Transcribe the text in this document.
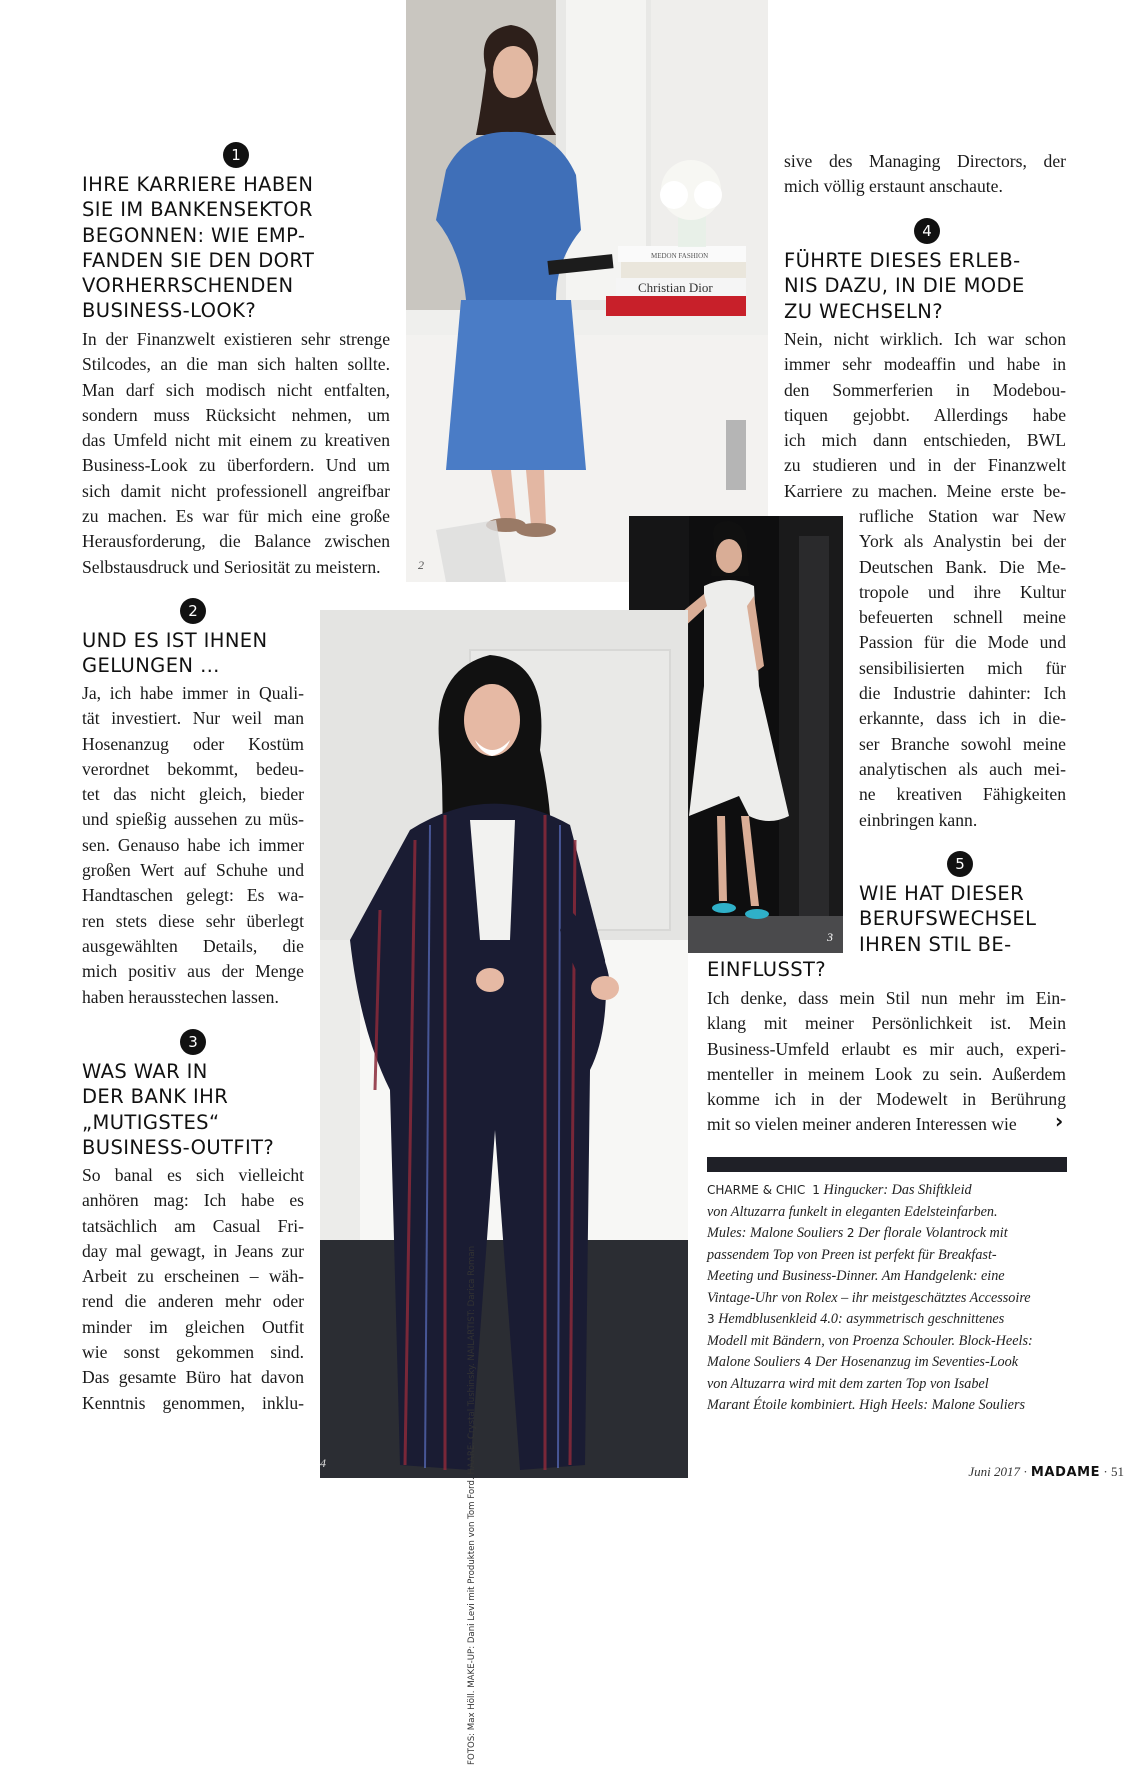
Christian Dior
MEDON FASHION
2
3
4
1
IHRE KARRIERE HABEN
SIE IM BANKENSEKTOR
BEGONNEN: WIE EMP-
FANDEN SIE DEN DORT
VORHERRSCHENDEN
BUSINESS-LOOK?
In der Finanzwelt existieren sehr strenge
Stilcodes, an die man sich halten sollte.
Man darf sich modisch nicht entfalten,
sondern muss Rücksicht nehmen, um
das Umfeld nicht mit einem zu kreativen
Business-Look zu überfordern. Und um
sich damit nicht professionell angreifbar
zu machen. Es war für mich eine große
Herausforderung, die Balance zwischen
Selbstausdruck und Seriosität zu meistern.
2
UND ES IST IHNEN
GELUNGEN …
Ja, ich habe immer in Quali-
tät investiert. Nur weil man
Hosenanzug oder Kostüm
verordnet bekommt, bedeu-
tet das nicht gleich, bieder
und spießig aussehen zu müs-
sen. Genauso habe ich immer
großen Wert auf Schuhe und
Handtaschen gelegt: Es wa-
ren stets diese sehr überlegt
ausgewählten Details, die
mich positiv aus der Menge
haben herausstechen lassen.
3
WAS WAR IN
DER BANK IHR
„MUTIGSTES“
BUSINESS-OUTFIT?
So banal es sich vielleicht
anhören mag: Ich habe es
tatsächlich am Casual Fri-
day mal gewagt, in Jeans zur
Arbeit zu erscheinen – wäh-
rend die anderen mehr oder
minder im gleichen Outfit
wie sonst gekommen sind.
Das gesamte Büro hat davon
Kenntnis genommen, inklu-
sive des Managing Directors, der
mich völlig erstaunt anschaute.
4
FÜHRTE DIESES ERLEB-
NIS DAZU, IN DIE MODE
ZU WECHSELN?
Nein, nicht wirklich. Ich war schon
immer sehr modeaffin und habe in
den Sommerferien in Modebou-
tiquen gejobbt. Allerdings habe
ich mich dann entschieden, BWL
zu studieren und in der Finanzwelt
Karriere zu machen. Meine erste be-
rufliche Station war New
York als Analystin bei der
Deutschen Bank. Die Me-
tropole und ihre Kultur
befeuerten schnell meine
Passion für die Mode und
sensibilisierten mich für
die Industrie dahinter: Ich
erkannte, dass ich in die-
ser Branche sowohl meine
analytischen als auch mei-
ne kreativen Fähigkeiten
einbringen kann.
5
WIE HAT DIESER
BERUFSWECHSEL
IHREN STIL BE-
EINFLUSST?
Ich denke, dass mein Stil nun mehr im Ein-
klang mit meiner Persönlichkeit ist. Mein
Business-Umfeld erlaubt es mir auch, experi-
menteller in meinem Look zu sein. Außerdem
komme ich in der Modewelt in Berührung
mit so vielen meiner anderen Interessen wie	›
CHARME & CHIC 1 Hingucker: Das Shiftkleid
von Altuzarra funkelt in eleganten Edelsteinfarben.
Mules: Malone Souliers 2 Der florale Volantrock mit
passendem Top von Preen ist perfekt für Breakfast-
Meeting und Business-Dinner. Am Handgelenk: eine
Vintage-Uhr von Rolex – ihr meistgeschätztes Accessoire
3 Hemdblusenkleid 4.0: asymmetrisch geschnittenes
Modell mit Bändern, von Proenza Schouler. Block-Heels:
Malone Souliers 4 Der Hosenanzug im Seventies-Look
von Altuzarra wird mit dem zarten Top von Isabel
Marant Étoile kombiniert. High Heels: Malone Souliers
FOTOS: Max Höll. MAKE-UP: Dani Levi mit Produkten von Tom Ford. HAARE: Crystal Tushinsky. NAILARTIST: Darica Roman	Juni 2017 · MADAME · 51
